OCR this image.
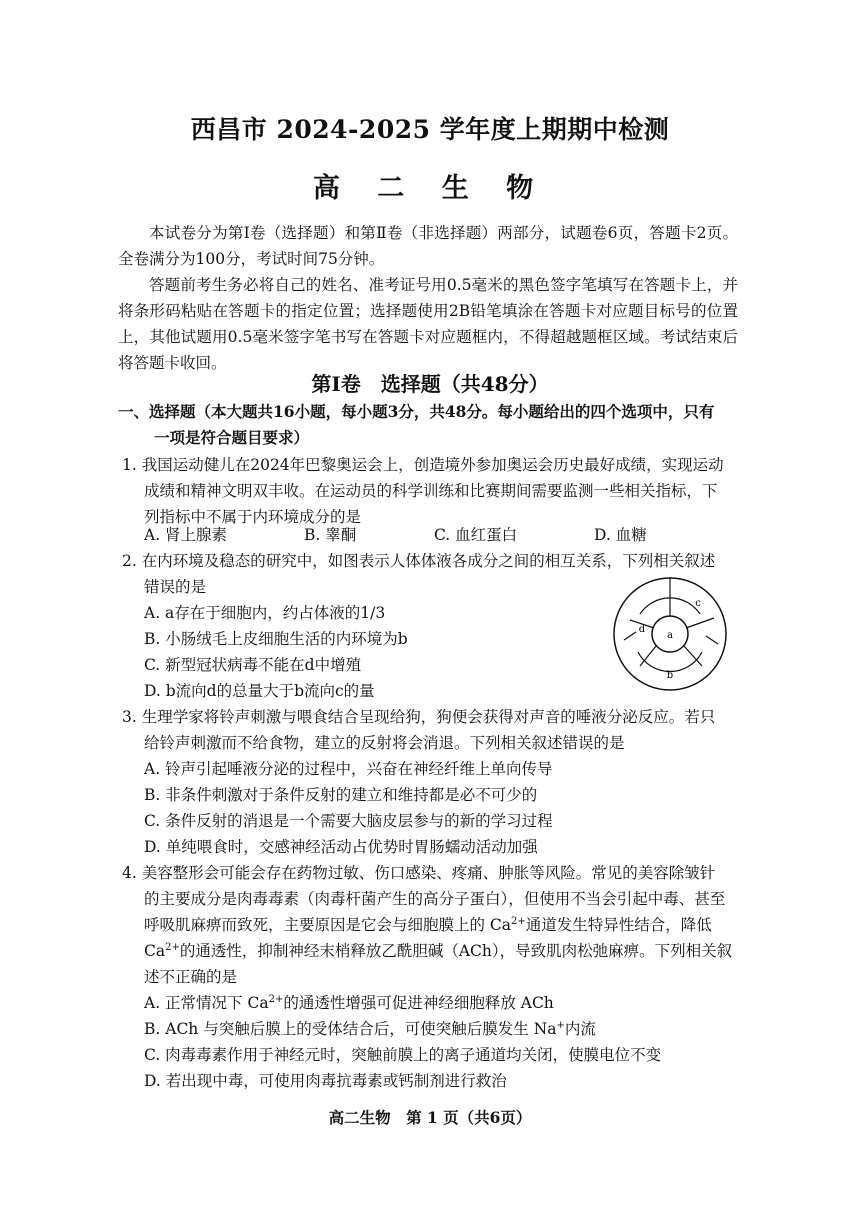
西昌市 2024-2025 学年度上期期中检测
高 二 生 物
本试卷分为第Ⅰ卷（选择题）和第Ⅱ卷（非选择题）两部分，试题卷6页，答题卡2页。全卷满分为100分，考试时间75分钟。
答题前考生务必将自己的姓名、准考证号用0.5毫米的黑色签字笔填写在答题卡上，并将条形码粘贴在答题卡的指定位置；选择题使用2B铅笔填涂在答题卡对应题目标号的位置上，其他试题用0.5毫米签字笔书写在答题卡对应题框内，不得超越题框区域。考试结束后将答题卡收回。
第Ⅰ卷　选择题（共48分）
一、选择题（本大题共16小题，每小题3分，共48分。每小题给出的四个选项中，只有
一项是符合题目要求）
1. 我国运动健儿在2024年巴黎奥运会上，创造境外参加奥运会历史最好成绩，实现运动
成绩和精神文明双丰收。在运动员的科学训练和比赛期间需要监测一些相关指标，下
列指标中不属于内环境成分的是
A. 肾上腺素	B. 睾酮	C. 血红蛋白	D. 血糖
2. 在内环境及稳态的研究中，如图表示人体体液各成分之间的相互关系，下列相关叙述
错误的是
A. a存在于细胞内，约占体液的1/3
B. 小肠绒毛上皮细胞生活的内环境为b
C. 新型冠状病毒不能在d中增殖
D. b流向d的总量大于b流向c的量
a
b
c
d
3. 生理学家将铃声刺激与喂食结合呈现给狗，狗便会获得对声音的唾液分泌反应。若只
给铃声刺激而不给食物，建立的反射将会消退。下列相关叙述错误的是
A. 铃声引起唾液分泌的过程中，兴奋在神经纤维上单向传导
B. 非条件刺激对于条件反射的建立和维持都是必不可少的
C. 条件反射的消退是一个需要大脑皮层参与的新的学习过程
D. 单纯喂食时，交感神经活动占优势时胃肠蠕动活动加强
4. 美容整形会可能会存在药物过敏、伤口感染、疼痛、肿胀等风险。常见的美容除皱针
的主要成分是肉毒毒素（肉毒杆菌产生的高分子蛋白），但使用不当会引起中毒、甚至
呼吸肌麻痹而致死，主要原因是它会与细胞膜上的 $Ca^{2+}$通道发生特异性结合，降低
$Ca^{2+}$的通透性，抑制神经末梢释放乙酰胆碱（ACh），导致肌肉松弛麻痹。下列相关叙
述不正确的是
A. 正常情况下 $Ca^{2+}$的通透性增强可促进神经细胞释放 ACh
B. ACh 与突触后膜上的受体结合后，可使突触后膜发生 Na+内流
C. 肉毒毒素作用于神经元时，突触前膜上的离子通道均关闭，使膜电位不变
D. 若出现中毒，可使用肉毒抗毒素或钙制剂进行救治
高二生物　第 1 页（共6页）
